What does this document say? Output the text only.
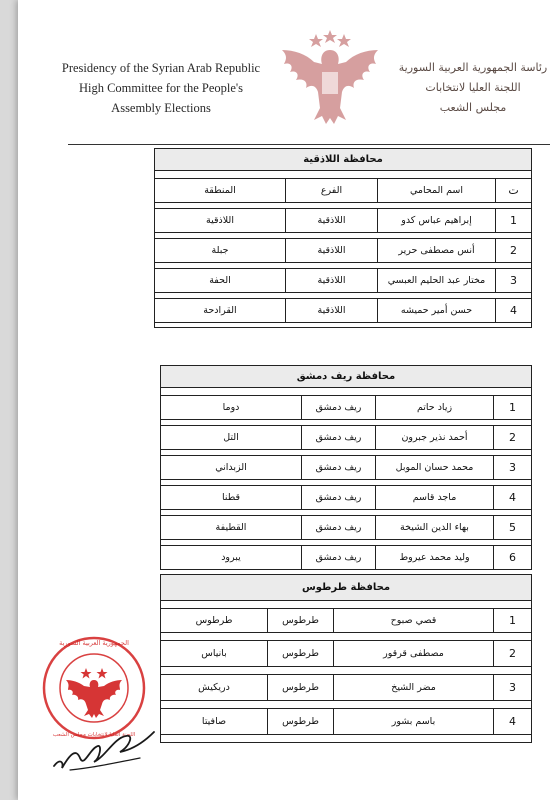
Presidency of the Syrian Arab Republic
High Committee for the People's
Assembly Elections
رئاسة الجمهورية العربية السورية
اللجنة العليا لانتخابات
مجلس الشعب
محافظة اللاذقية			

ت	اسم المحامي	الفرع	المنطقة

1	إبراهيم عباس كدو	اللاذقية	اللاذقية

2	أنس مصطفى حرير	اللاذقية	جبلة

3	مختار عبد الحليم العبسي	اللاذقية	الحفة

4	حسن أمير حميشه	اللاذقية	القرادحة

محافظة ريف دمشق			

1	زياد حاتم	ريف دمشق	دوما

2	أحمد نذير جبرون	ريف دمشق	التل

3	محمد حسان الموبل	ريف دمشق	الزبداني

4	ماجد قاسم	ريف دمشق	قطنا

5	بهاء الدين الشيخة	ريف دمشق	القطيفة

6	وليد محمد عيروط	ريف دمشق	يبرود
محافظة طرطوس			

1	قصي صبوح	طرطوس	طرطوس

2	مصطفى قرقور	طرطوس	بانياس

3	مضر الشيخ	طرطوس	دريكيش

4	باسم بشور	طرطوس	صافيتا

الجمهورية العربية السورية
اللجنة العليا لانتخابات مجلس الشعب
